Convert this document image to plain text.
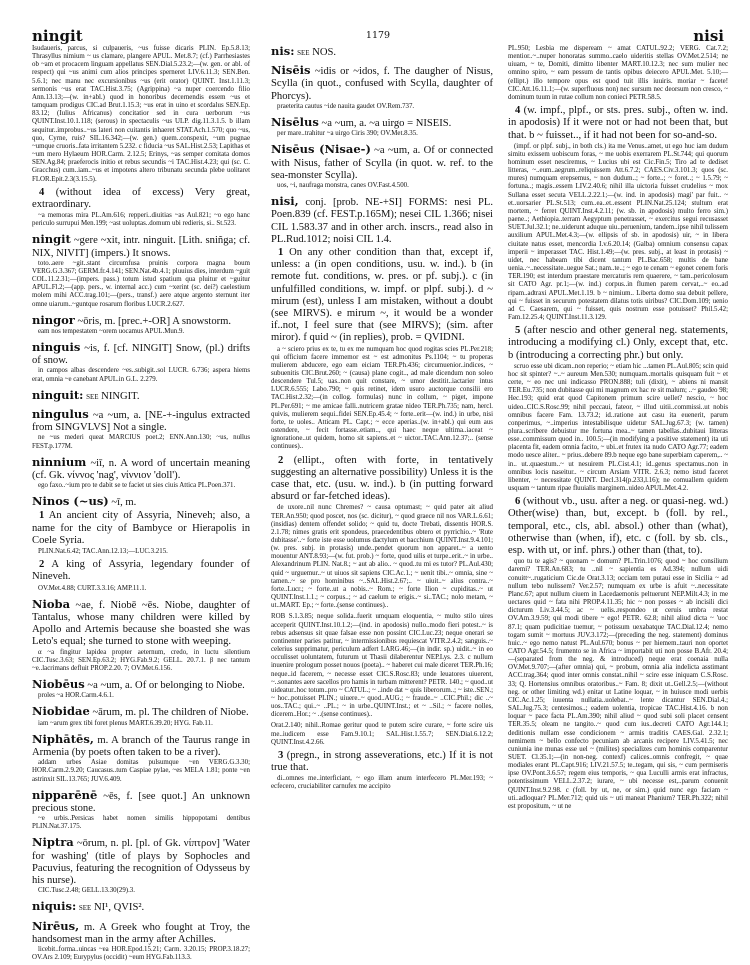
ningit	1179	nisi

Isudaueris, parcus, si culpaueris, ~us fuisse dicaris PLIN. Ep.5.8.13; Thrasyllus nimium ~ us clamare, plangere APUL. Met.8.7; (cf.) Parrhesiastes ob ~am et procacem linguam appellatus SEN.Dial.5.23.2;—(w. gen. or abl. of respect) qui ~us animi cum alios principes sperneret LIV.6.11.3; SEN.Ben. 5.6.1; nec manu nec excursionibus ~us (erit orator) QUINT. Inst.1.11.3; sermonis ~us erat TAC.Hist.3.75; (Agrippina) ~a nuper coercendo filio Ann.13.13;—(w. in+abl.) quod in honoribus decernendis essem ~us et tamquam prodigus CIC.ad Brut.1.15.3; ~us erat in uino et scordalus SEN.Ep. 83.12; (Iulius Africanus) concitatior sed in cura uerborum ~us QUINT.Inst.10.1.118; (serous) in spectaculis ~us ULP. dig.11.3.1.5. b illam sequitur..improbus..~us lateri non cuitantis inhaeret STAT.Ach.1.570; quo ~us, quo, Cyrne, ruis? SIL.16.342;—(w. gen.) quem..conspexit, ~um pugnae ~umque cruoris..fata irritantem 5.232. c fiducia ~us SAL.Hist.2.53; Lapithas et ~um mero Hylaeum HOR.Carm. 2.12.5; Erinys, ~as semper comitata domos SEN.Ag.84; praeferocis initio et rebus secundis ~i TAC.Hist.4.23; qui (sc. C. Gracchus) cum..iam..~us et impotens altero tribunatu secunda plebe uolitaret FLOR.Epit.2.3(3.15.5).

4 (without idea of excess) Very great, extraordinary.

~a memoras mira PL.Am.616; repperi..diuitias ~as Aul.821; ~o ego hanc periculo surrupui Men.199; ~ast uoluptas..domum ubi redieris, si.. St.523.

ningit ~gere ~xit, intr. ninguit. [Lith. sniñga; cf. NIX, NIVIT] (impers.) It snows.

toto..aere ~git..stant circumfusa pruinis corpora magna boum VERG.G.3.367; GERM.fr.4.141; SEN.Nat.4b.4.1; pluuius dies, interdum ~guit COL.11.2.31;—(impers. pass.) totum istud spatium qua pluitur et ~guitur APUL.Fl.2;—(app. pers., w. internal acc.) cum ~xerint (sc. dei?) caelestium molem mihi ACC.trag.101;—(pers., transf.) aere atque argento sternunt iter omne uiarum..~guntque rosarum floribus LUCR.2.627.

ningor ~ōris, m. [prec.+-OR] A snowstorm.

eam nos tempestatem ~orem uocamus APUL.Mun.9.

ninguis ~is, f. [cf. NINGIT] Snow, (pl.) drifts of snow.

in campos albas descendere ~es..subigit..sol LUCR. 6.736; aspera hiems erat, omnia ~e canebant APUL.in G.L. 2.279.

ninguit: see NINGIT.

ningulus ~a ~um, a. [NE-+-ingulus extracted from SINGVLVS] Not a single.

ne ~us mederi queat MARCIUS poet.2; ENN.Ann.130; ~us, nullus FEST.p.177M.

ninnium ~iī, n. A word of uncertain meaning (cf. Gk. νίννος 'nag', νίννιον 'doll').

ego faxo..~ium pro te dabit se te faciet ut sies ciuis Attica PL.Poen.371.

Ninos (~us) ~ī, m.

1 An ancient city of Assyria, Nineveh; also, a name for the city of Bambyce or Hierapolis in Coele Syria.

PLIN.Nat.6.42; TAC.Ann.12.13;—LUC.3.215.

2 A king of Assyria, legendary founder of Nineveh.

OV.Met.4.88; CURT.3.3.16; AMP.11.1.

Nioba ~ae, f. Niobē ~ēs. Niobe, daughter of Tantalus, whose many children were killed by Apollo and Artemis because she boasted she was Leto's equal; she turned to stone with weeping.

α ~a fingitur lapidea propter aeternum, credo, in luctu silentium CIC.Tusc.3.63; SEN.Ep.63.2; HYG.Fab.9.2; GELL. 20.7.1. β nec tantum ~e..lacrimans defluit PROP.2.20. 7; OV.Met.6.156.

Niobēus ~a ~um, a. Of or belonging to Niobe.

proles ~a HOR.Carm.4.6.1.

Niobidae ~ārum, m. pl. The children of Niobe.

iam ~arum grex tibi foret plenus MART.6.39.20; HYG. Fab.11.

Niphātēs, m. A branch of the Taurus range in Armenia (by poets often taken to be a river).

addam urbes Asiae domitas pulsumque ~en VERG.G.3.30; HOR.Carm.2.9.20; Caucasus..tum Caspiae pylae, ~es MELA 1.81; ponte ~en astrinxit SIL.13.765; JUV.6.409.

nipparēnē ~ēs, f. [see quot.] An unknown precious stone.

~e urbis..Persicas habet nomen similis hippopotami dentibus PLIN.Nat.37.175.

Niptra ~ōrum, n. pl. [pl. of Gk. νίπτρον] 'Water for washing' (title of plays by Sophocles and Pacuvius, featuring the recognition of Odysseus by his nurse).

CIC.Tusc.2.48; GELL.13.30(29).3.

niquis: see NI¹, QVIS².

Nirēus, m. A Greek who fought at Troy, the handsomest man in the army after Achilles.

licebit..forma..uincas ~ea HOR.Epod.15.21; Carm. 3.20.15; PROP.3.18.27; OV.Ars 2.109; Eurypylus (occidit) ~eum HYG.Fab.113.3.

nis: see NOS.

Nisēis ~idis or ~idos, f. The daugher of Nisus, Scylla (in quot., confused with Scylla, daughter of Phorcys).

praeterita cautus ~ide nauita gaudet OV.Rem.737.

Nisēlus ~a ~um, a. ~a uirgo = NISEIS.

per mare..trahitur ~a uirgo Ciris 390; OV.Met.8.35.

Nisēus (Nisae-) ~a ~um, a. Of or connected with Nisus, father of Scylla (in quot. w. ref. to the sea-monster Scylla).

uos, ~i, naufraga monstra, canes OV.Fast.4.500.

nisi, conj. [prob. NE-+SI] FORMS: nesi PL. Poen.839 (cf. FEST.p.165M); nesei CIL 1.366; nisei CIL 1.583.37 and in other arch. inscrs., read also in PL.Rud.1012; noisi CIL 1.4.

1 On any other condition than that, except if, unless: a (in open conditions, usu. w. ind.). b (in remote fut. conditions, w. pres. or pf. subj.). c (in unfulfilled conditions, w. impf. or plpf. subj.). d ~ mirum (est), unless I am mistaken, without a doubt (see MIRVS). e mirum ~, it would be a wonder if..not, I feel sure that (see MIRVS); (sim. after miror). f quid ~ (in replies), prob. = QVIDNI.

a ~ sciero prius ex te, tu ex me numquam hoc quod rogitas scies PL.Per.218; qui officium facere immemor est ~ est admonitus Ps.1104; ~ tu properas mulierem abducere, ego eam eiciam TER.Ph.436; circumuenior..indices, ~ subuenitis CIC.Brut.260; ~ (causa) plane cogit.., ad male dicendum non soleo descendere Tul.5; uas..non quit constare, ~ umor destitit..iactarier intus LUCR.6.555; Labo.790; ~ quis retinet, idem usuro auctorque consilii ero TAC.Hist.2.32;—(in collog. formulas) nunc in collum, ~ piget, impone PL.Per.691; ~ me amicae falli..nutricem gratae nideo TER.Ph.735; nam, hercl. quivis, mulierem sequi..fidei SEN.Ep.45.4; ~ forte..erit—(w. ind.) in urbe, nisi forte, te uoles.. Atticam PL. Capt.; ~ ecce aperias..(w. in+abl.) qui eum aus ostendere, ~ fecit fortasse..etiam.., qui haec neque ultima..iaceat ~ ignoratione..ut quidem, homo sit sapiens..et ~ uictor..TAC.Ann.12.37;.. (sense continues)..

2 (ellipt., often with forte, in tentatively suggesting an alternative possibility) Unless it is the case that, etc. (usu. w. ind.). b (in putting forward absurd or far-fetched ideas).

de uxore..nil nunc Chremes? ~ causa optumast; ~ quid pater ait aliud TER.An.950; quod poscet, nos (sc. dicitur), ~ quod graece nil nos VAR.L.6.61; (insidias) dentem offendet solido; ~ quid tu, docte Trebati, dissentis HOR.S. 2.1.78; nimes gratis erit spondeus, praecedentibus obtero et pyrrichio..~ 'Rute dubitasse'..~ forte iste esse uolumus dactylum et bacchium QUINT.Inst.9.4.101; (w. pres. subj. in protasis) unde..pendet quorum non apparet..~ a uento mouentur ANT.8.93;—(w. fut. prob.) ~ forte, quod uilis et turpe..erit..~ in urbe.. Alexandrinum PLIN. Nat.8.; ~ aut ab alio.. ~ quod..tu mi es tutor? PL.Aul.430; quid ~ urguemur..~ ut uiuos sit sapiens CIC.Ac.1.; ~ uenit tibi..~ omnia, sine ~ tamen..~ se pro hominibus ~..SAL.Hist.2.67;.. ~ uiuit..~ alius contra..~ forte..Lucr.; ~ forte..ut a nobis..~ Rom.; ~ forte Ilion ~ cupiditas..~ ut QUINT.Inst.1.1.; ~ corpus..; ~ ad caelum te erigis..~ si..TAC.; nolo metam, ~ ut..MART. Ep.; ~ forte..(sense continues)..

ROB S.1.3.85; neque solida..fuerit umquam eloquentia, ~ multo stilo uires acceperit QUINT.Inst.10.1.2;—(ind. in apodosis) nullo..modo fieri potest..~ is rebus adsensus sit quae falsae esse non possint CIC.Luc.23; neque onerari se continenter paries patitur, ~ intermissionibus requiescat VITR.2.4.2; sanguis..~ celerius supprimatur, periculum adfert LARG.46;—(in indir. sp.) uidit..~ in eo occulisset uoluntatem, futurum ut Thasii dilaberentur NEP.Lys. 2.3. c nullum inuenire prologum posset nouos (poeta).. ~ haberet cui male diceret TER.Ph.16; neque..id facerem, ~ necesse esset CIC.S.Rosc.83; unde leuatores uiuerent, ~..sonantes aere sacellos pro hamis in turbam mitterent? PETR. 140.; ~ quod..ut uideatur..hoc totum..pro ~ CATUL.; ~ ..inde dat ~ quis liberorum..; ~ iste..SEN.; ~ hoc..potuisset PLIN.; uiuere..~ quod..AUG.; ~ fraude..~ ..CIC.Phil.; dic ..~ uos..TAC.; qui..~ ..PL.; ~ in urbe..QUINT.Inst.; et ~ ..Sil.; ~ facere nolles, dicerem..Hor.; ~ ..(sense continues)..

Orat.2.140; nihil..Romae geritur quod te putem scire curare, ~ forte scire uis me..iudicem esse Fam.9.10.1; SAL.Hist.1.55.7; SEN.Dial.6.12.2; QUINT.Inst.4.2.66.

3 (pregn., in strong asseverations, etc.) If it is not true that.

di..omnes me..interficiant, ~ ego illam anum interfecero PL.Mer.193; ~ ecfecero, cruciabiliter carnufex me accipito

PL.950; Lesbia me dispeream ~ amat CATUL.92.2; VERG. Cat.7.2; mentior..~..nuper honoratas summo..caelo uideritis stellas OV.Met.2.514; ne uiuam, ~ te, Domiti, dimitto libenter MART.10.12.3; nec sum mulier nec omnino spiro, ~ eam pessum de tantis opibus deiecero APUL.Met. 5.10;—(ellipt.) illo tempore opus est quod tuit illis iuuiris. moriar ~ facete! CIC.Att.16.11.1;—(w. superfluous non) nec sursum nec deorsum non cresco, ~ dominum tuum in rutae collum non conieci PETR.58.5.

4 (w. impf., plpf., or sts. pres. subj., often w. ind. in apodosis) If it were not or had not been that, but that. b ~ fuisset.., if it had not been for so-and-so.

(impf. or plpf. subj., in both cls.) ita me Venus..amet, ut ego huc iam dudum simitu exissem uobiscum foras, ~ me uobis exerrarem PL.St.744; qui quorum hominum esset nesciremus, ~ Lucius ubi est Cic.Fin.5; Tiro ad te dediset litteras, ~..eum..aegrum..reliquissem Att.6.7.2; CAES.Civ.3.101.3; quos (sc. mures) numquam erepsemus, ~ non dudum..; ~ forte..; ~ foret..; ~ 1.5.79; ~ fortuna..; magis..essem LIV.2.40.6; nihil illa uictoria fuisset crudelius ~ mox Sullana esset secuta VELL.2.22.1;—(w. ind. in apodosis) magi' par fuit.. ~ et..uorsarier PL.St.513; cum..ea..et..essent PLIN.Nat.25.124; stultum erat mortem, ~ ferret QUINT.Inst.4.2.11; (w. sb. in apodosis) multo ferro sim.) paene..; Aethiopia..terram Aegyptum penetrasset, ~ exercitus segui recusasset SUET.Jul.32.1; ne..uiderunt aduque uiu..peruenium, tandem..ipse nihil tulissem auxilium APUL.Met.4.3;—(w. ellipsis of sb. in apodosis) uir, ~ in libera ciuitate natus esset, mencordia I.v.6.20.14; (Galba) omnium consensu capax imperii ~ imperasset TAC. Hist.1.49;—(w. pres. subj., at least in protasis) ~ uidet, nec habeam tibi dicent tantum PL.Bac.658; multis de bane uenia..~..necessitate..uegue Sat.; nam..te..; ~ ego te cenam ~ egonet cenem foris TER.190; est interdum praestare mercaturis rem quaerere, ~ tam..pericolosum sit CATO Agr. pr.1;—(w. ind.) corpus..in flumen parem cervat,..~ eo..ad ripam..adtraxi APUL.Met.1.19. b ~ nimium.. Liberta domo sua debuit pellere, qui ~ fuisset in securum potestatem dilatus totis uiribus? CIC.Dom.109; uenio ad C. Caesarem, qui ~ fuisset, quis nostrum esse potuisset? Phil.5.42; Fam.12.25.4; QUINT.Inst.11.3.129.

5 (after nescio and other general neg. statements, introducing a modifying cl.) Only, except that, etc. b (introducing a correcting phr.) but only.

scruo esse ubi dicam..non reperio; ~ etiam hic ...tamen PL.Aul.805; scin quid hoc sit spinter? ~..~ aureum Men.530; numquam..mortalis quisquam fuit ~ et certe, ~ eo nec uni indicasso PRON.888; tuli (dixit), ~ abiens ni mansit TER.Eu.735; non dubitasse qui mi magnum ex hac re sit malum; ..~ gaudeo 98; Hec.193; quid erat quod Capitonem primum scire uellet? nescio, ~ hoc uideo..CIC.S.Rosc.99; nihil peccaui, fateor, ~ illud uitii..commissi..ut nobis omnibus facere Fam. 13.73.2; id..ratione aut casu ita euenerit, parum conperimus, ~..imperius intestabilisque uidetur SAL.Jug.67.3; (w. tamen) plura..scribere debuistur me fortuna mea..~ tamen tabellas..dubitaui litteras esse..commissum quod in.. 100.5;—(in modifying a positive statement) ita uti placenta fit, eadem omnia facito, ~ ubi..et frutex ita nudo CATO Agr.77; eadem modo uesce aliter.. ~ prius..debere 89.b neque ego bane superbiam caperem,.. ~ in.. ut..quaestum..~ ut nesuirem PL.Cist.4.1; id..genus spectamus..non in omnibus locis naseitur.. ~ circum Arsiam VITR. 2.6.3; nemo istud faceret libenter, ~ necessitate QUINT. Decl.314(p.233,l.16); ne comuallem quidem usquam ~ tantum ripae fluuialis marginem..uideo APUL.Met.4.2.

6 (without vb., usu. after a neg. or quasi-neg. wd.) Other(wise) than, but, except. b (foll. by rel., temporal, etc., cls, abl. absol.) other than (what), otherwise than (when, if), etc. c (foll. by sb. cls., esp. with ut, or inf. phrs.) other than (that, to).

quo tu te agis? ~ quonam ~ domum? PL.Trin.1076; quod ~ hoc consilium daremi? TER.An.683; tu ..nil ~ sapientia es Ad.394; nullum uidi conuitt~..rugaticium Cic.de Orat.3.13; occiam tem putaui esse in Sicilia ~ ad nullum tebo nulissem? Ver.2.57; numquam ex urbe is afuit ~..necessitate Planc.67; aput nullum ciuem in Lacedaemonis peltuerunt NEP.Milt.4.3; in me uectares quid ~ fata nihi PROP.4.11.35; hic ~ non posses ~ ab incisili dici dicturum Liv.3.44.5; ac ~ uelis..respondeo ut ceruis umbra restat OV.Am.3.9.59; qui modi tibere ~ ego! PETR. 62.8; nihil aliud dicta ~ 'uoc 87.1; quam pudicitiae tuemur, ~ potissum uexabatque TAC.Dial.12.4; nemo togam sumit ~ mortuus JUV.3.172;—(preceding the neg. statement) dominus huic..~ ego nemo natust PL.Aul.670; bonus ~ per hiemem..tauri non oportet CATO Agr.54.5; frumento se in Africa ~ importabit uti non posse B.Afr. 20.4;—(separated from the neg. & introduced) neque erat coenaia nulla OV.Met.9.707;—(after omnia) qui, ~ probum, omnia alia indelicta asstimant ACC.trag.364; quod inter omnis constat..nihil ~ scire esse iniquam C.S.Rosc. 33; Q. Hortensius omnibus oratoribus..~ Fam. 8; dixit ut..Gell.2.5;—(without neg. or other limiting wd.) enitar ut Latine loquar, ~ in huiusce modi uerbis CIC.Ac.1.25; iuuenta nullatia..uolebat..~ lente dicantur SEN.Dial.4.; SAL.Jug.75.3; centesimos..; eadem uolentia, tropicae TAC.Hist.4.16. b non loquar ~ pace facta PL.Am.390; nihil aliud ~ quod subi soli placet censent TER.35.5; oleam ne tangito..~ quod cum ius..decreti CATO Agr.144.1; deditionis nullam esse condicionem ~ armis traditis CAES.Gal. 2.32.1; nemimem ~ bello confecto pecuniam ab arcanis recipere LIV.5.41.5; nec cuniunia ine munas esse uel ~ (milites) specializes cum hominis comparentur SUET. Cl.35.1;—(in non-neg. contexf) calices..omnis confregit, ~ quae modiales erant PL.Capt.916; LIV.21.57.5; te..tegam, qui sis, ~ cum permiseris ipse OV.Pont.3.6.57; regem eius temporis, ~ qua Luculli armis erat infractus, potentissimum VELL.2.37.2; iurare, ~ ubi necesse est,..parum conuenit QUINT.Inst.9.2.98. c (foll. by ut, ne, or sim.) quid nunc ego faciam ~ uti..adloquar? PL.Mer.712; quid uis ~ uti maneat Phanium? TER.Ph.322; nihil est propositum, ~ ut ne
